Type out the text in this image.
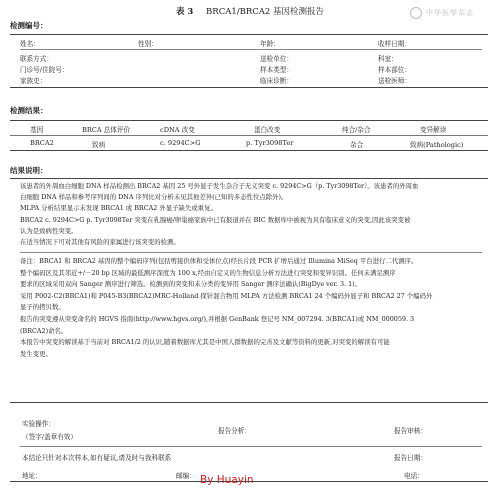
表 3 BRCA1/BRCA2 基因检测报告	中华医学杂志
检测编号：
姓名：	性别：	年龄：	收样日期：
联系方式：	送检单位：	科室：
门诊号/住院号：	样本类型：	样本部位：
家族史：	临床诊断：	送检医师：
检测结果：
基因	BRCA 总体评价	cDNA 改变	蛋白改变	纯合/杂合	变异解读
BRCA2	致病	c. 9294C>G	p. Tyr3098Ter	杂合	致病(Pathologic)
结果说明：

该患者的外周血白细胞 DNA 样品检测出 BRCA2 基因 25 号外显子发生杂合子无义突变 c. 9294C>G（p. Tyr3098Ter）。该患者的外周血

白细胞 DNA 样品和参考序列间的 DNA 序列比对分析未见其他差异(已知的多态性位点除外)。

MLPA 分析结果显示未发现 BRCA1 或 BRCA2 外显子缺失或重复。

BRCA2 c. 9294C>G p. Tyr3098Ter 突变在乳腺癌/卵巢癌家族中已有报道并在 BIC 数据库中被视为具有临床意义的突变,因此该突变被

认为是致病性突变。

在适当情况下可对其他有风险的家属进行该突变的检测。

备注：BRCA1 和 BRCA2 基因的整个编码序列(包括剪接供体和受体位点)经长片段 PCR 扩增后通过 Illumina MiSeq 平台进行二代测序。

整个编码区及其邻近+/－20 bp 区域的最低测序深度为 100 x,经由自定义的生物信息分析方法进行突变和变异识别。任何未满足测序

要求的区域采用双向 Sanger 测序进行筛选。检测到的突变和未分类的变异用 Sanger 测序法确认(BigDye ver. 3. 1)。

采用 P002-C2(BRCA1)和 P045-B3(BRCA2)MRC-Holland 探针混合物用 MLPA 方法检测 BRCA1 24 个编码外显子和 BRCA2 27 个编码外

显子的拷贝数。

报告的突变遵从突变命名的 HGVS 指南(http://www.hgvs.org/),并根据 GenBank 登记号 NM_007294. 3(BRCA1)或 NM_000059. 3

(BRCA2)命名。

本报告中突变的解读基于当前对 BRCA1/2 的认识,随着数据库尤其是中国人群数据的完善及文献等资料的更新,对突变的解读有可能

发生变更。

实验操作：
（签字/盖章有效）
报告分析：	报告审核：
本结论只针对本次样本,如有疑议,请及时与我科联系	报告日期：
地址：	邮编：	电话：
By Huayin
